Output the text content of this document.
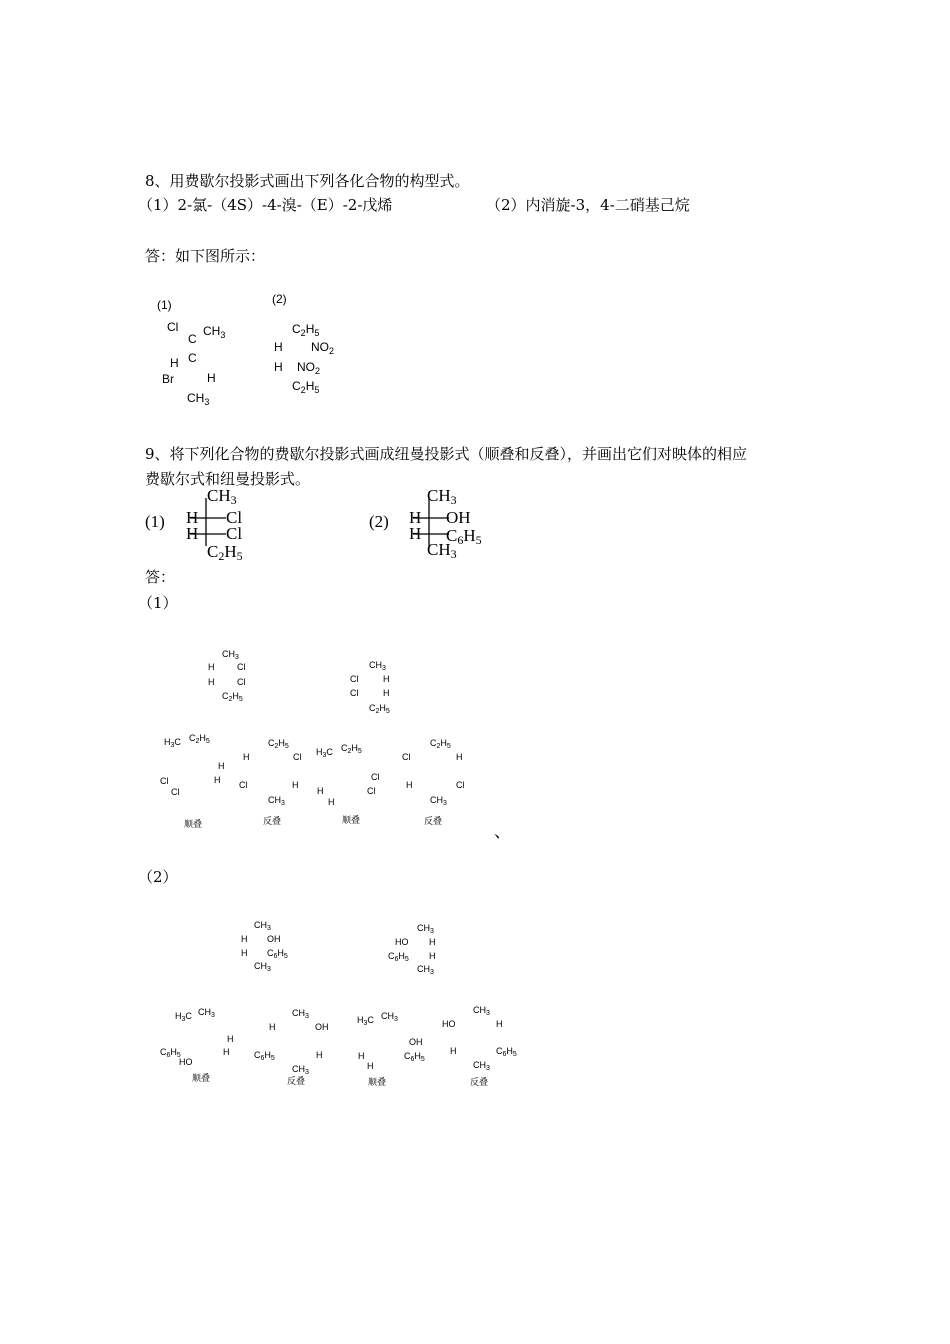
8、用费歇尔投影式画出下列各化合物的构型式。
（1）2-氯-（4S）-4-溴-（E）-2-戊烯	（2）内消旋-3，4-二硝基己烷
答：如下图所示：
(1)
Cl $CH_3$
C
C
H
Br	H
$CH_3$
(2)
$C_2H_5$
H $NO_2$
H $NO_2$
$C_2H_5$
9、将下列化合物的费歇尔投影式画成纽曼投影式（顺叠和反叠），并画出它们对映体的相应
费歇尔式和纽曼投影式。
(1)
$CH_3$
H Cl
H Cl
$C_2H_5$
(2)
$CH_3$
H OH
H $C_6H_5$
$CH_3$
答：
（1）
$CH_3$
H	Cl
H	Cl
$C_2H_5$
$CH_3$
Cl	H
Cl	H
$C_2H_5$
$H_3C$ $C_2H_5$
H
H
Cl
Cl
顺叠
$C_2H_5$
H	Cl
Cl	H
$CH_3$
反叠
$H_3C$ $C_2H_5$
Cl
Cl
H
H
顺叠
$C_2H_5$
Cl	H
H	Cl
$CH_3$
反叠	、
（2）
$CH_3$
H OH
H $C_6H_5$
$CH_3$
$CH_3$
HO H
$C_6H_5$ H
$CH_3$
$H_3C$ $CH_3$
H
H
$C_6H_5$
HO
顺叠
$CH_3$
H	OH
$C_6H_5$	H
$CH_3$
反叠
$H_3C$ $CH_3$
OH
$C_6H_5$
H
H
顺叠
$CH_3$
HO	H
H	$C_6H_5$
$CH_3$
反叠
